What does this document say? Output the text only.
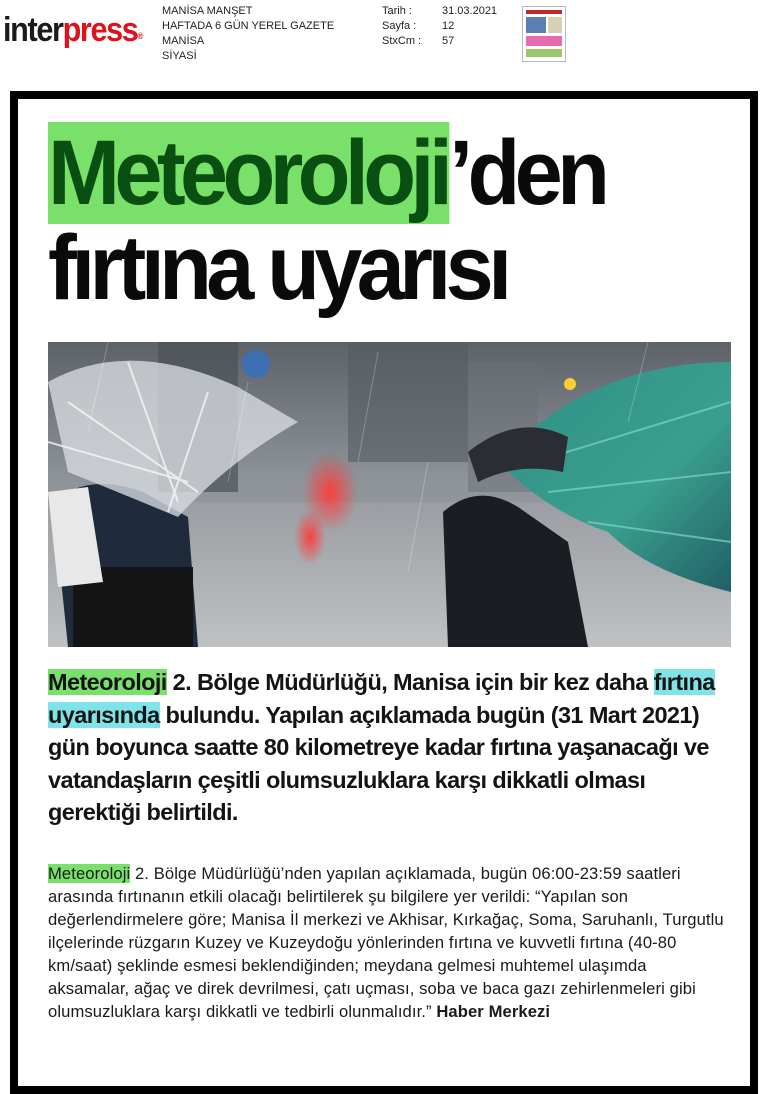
interpress®
MANİSA MANŞET
HAFTADA 6 GÜN YEREL GAZETE
MANİSA
SİYASİ
Tarih :
Sayfa :
StxCm :
31.03.2021
12
57
Meteoroloji’den
fırtına uyarısı
Meteoroloji 2. Bölge Müdürlüğü, Manisa için bir kez daha fırtına uyarısında bulundu. Yapılan açıklamada bugün (31 Mart 2021) gün boyunca saatte 80 kilometreye kadar fırtına yaşanacağı ve vatandaşların çeşitli olumsuzluklara karşı dikkatli olması gerektiği belirtildi.
Meteoroloji 2. Bölge Müdürlüğü’nden yapılan açıklamada, bugün 06:00-23:59 saatleri arasında fırtınanın etkili olacağı belirtilerek şu bilgilere yer verildi: “Yapılan son değerlendirmelere göre; Manisa İl merkezi ve Akhisar, Kırkağaç, Soma, Saruhanlı, Turgutlu ilçelerinde rüzgarın Kuzey ve Kuzeydoğu yönlerinden fırtına ve kuvvetli fırtına (40-80 km/saat) şeklinde esmesi beklendiğinden; meydana gelmesi muhtemel ulaşımda aksamalar, ağaç ve direk devrilmesi, çatı uçması, soba ve baca gazı zehirlenmeleri gibi olumsuzluklara karşı dikkatli ve tedbirli olunmalıdır.” Haber Merkezi
